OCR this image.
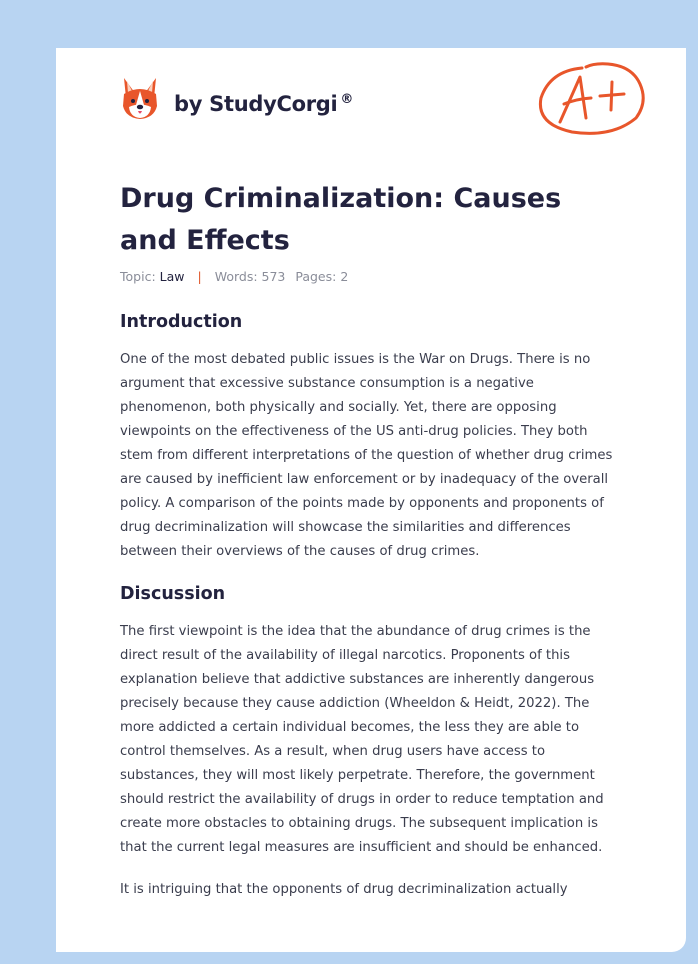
by StudyCorgi ®
Drug Criminalization: Causes and Effects
Topic: Law | Words: 573 Pages: 2
Introduction

One of the most debated public issues is the War on Drugs. There is no argument that excessive substance consumption is a negative phenomenon, both physically and socially. Yet, there are opposing viewpoints on the effectiveness of the US anti-drug policies. They both stem from different interpretations of the question of whether drug crimes are caused by inefficient law enforcement or by inadequacy of the overall policy. A comparison of the points made by opponents and proponents of drug decriminalization will showcase the similarities and differences between their overviews of the causes of drug crimes.

Discussion

The first viewpoint is the idea that the abundance of drug crimes is the direct result of the availability of illegal narcotics. Proponents of this explanation believe that addictive substances are inherently dangerous precisely because they cause addiction (Wheeldon & Heidt, 2022). The more addicted a certain individual becomes, the less they are able to control themselves. As a result, when drug users have access to substances, they will most likely perpetrate. Therefore, the government should restrict the availability of drugs in order to reduce temptation and create more obstacles to obtaining drugs. The subsequent implication is that the current legal measures are insufficient and should be enhanced.

It is intriguing that the opponents of drug decriminalization actually
